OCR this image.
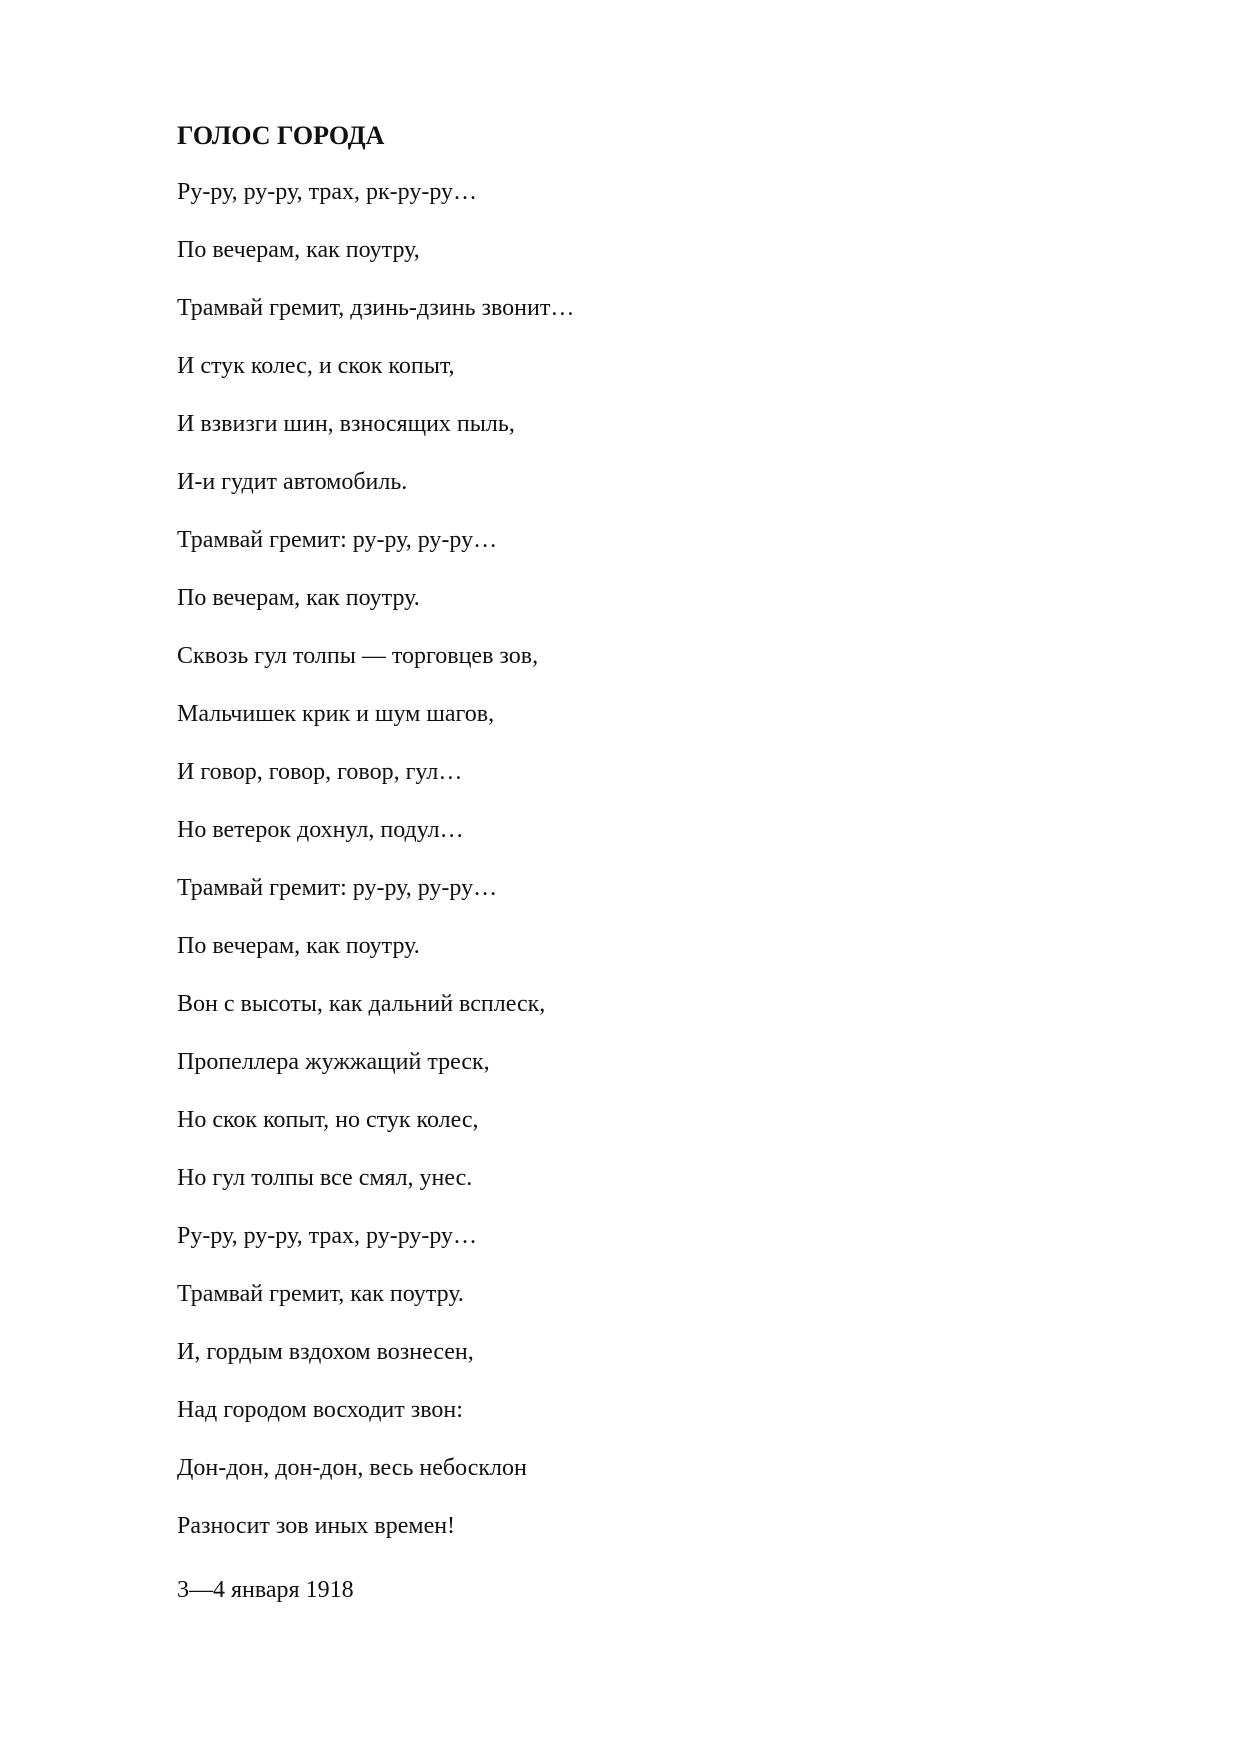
ГОЛОС ГОРОДА
Ру-ру, ру-ру, трах, рк-ру-ру…
По вечерам, как поутру,
Трамвай гремит, дзинь-дзинь звонит…
И стук колес, и скок копыт,
И взвизги шин, взносящих пыль,
И-и гудит автомобиль.
Трамвай гремит: ру-ру, ру-ру…
По вечерам, как поутру.
Сквозь гул толпы — торговцев зов,
Мальчишек крик и шум шагов,
И говор, говор, говор, гул…
Но ветерок дохнул, подул…
Трамвай гремит: ру-ру, ру-ру…
По вечерам, как поутру.
Вон с высоты, как дальний всплеск,
Пропеллера жужжащий треск,
Но скок копыт, но стук колес,
Но гул толпы все смял, унес.
Ру-ру, ру-ру, трах, ру-ру-ру…
Трамвай гремит, как поутру.
И, гордым вздохом вознесен,
Над городом восходит звон:
Дон-дон, дон-дон, весь небосклон
Разносит зов иных времен!

3—4 января 1918
